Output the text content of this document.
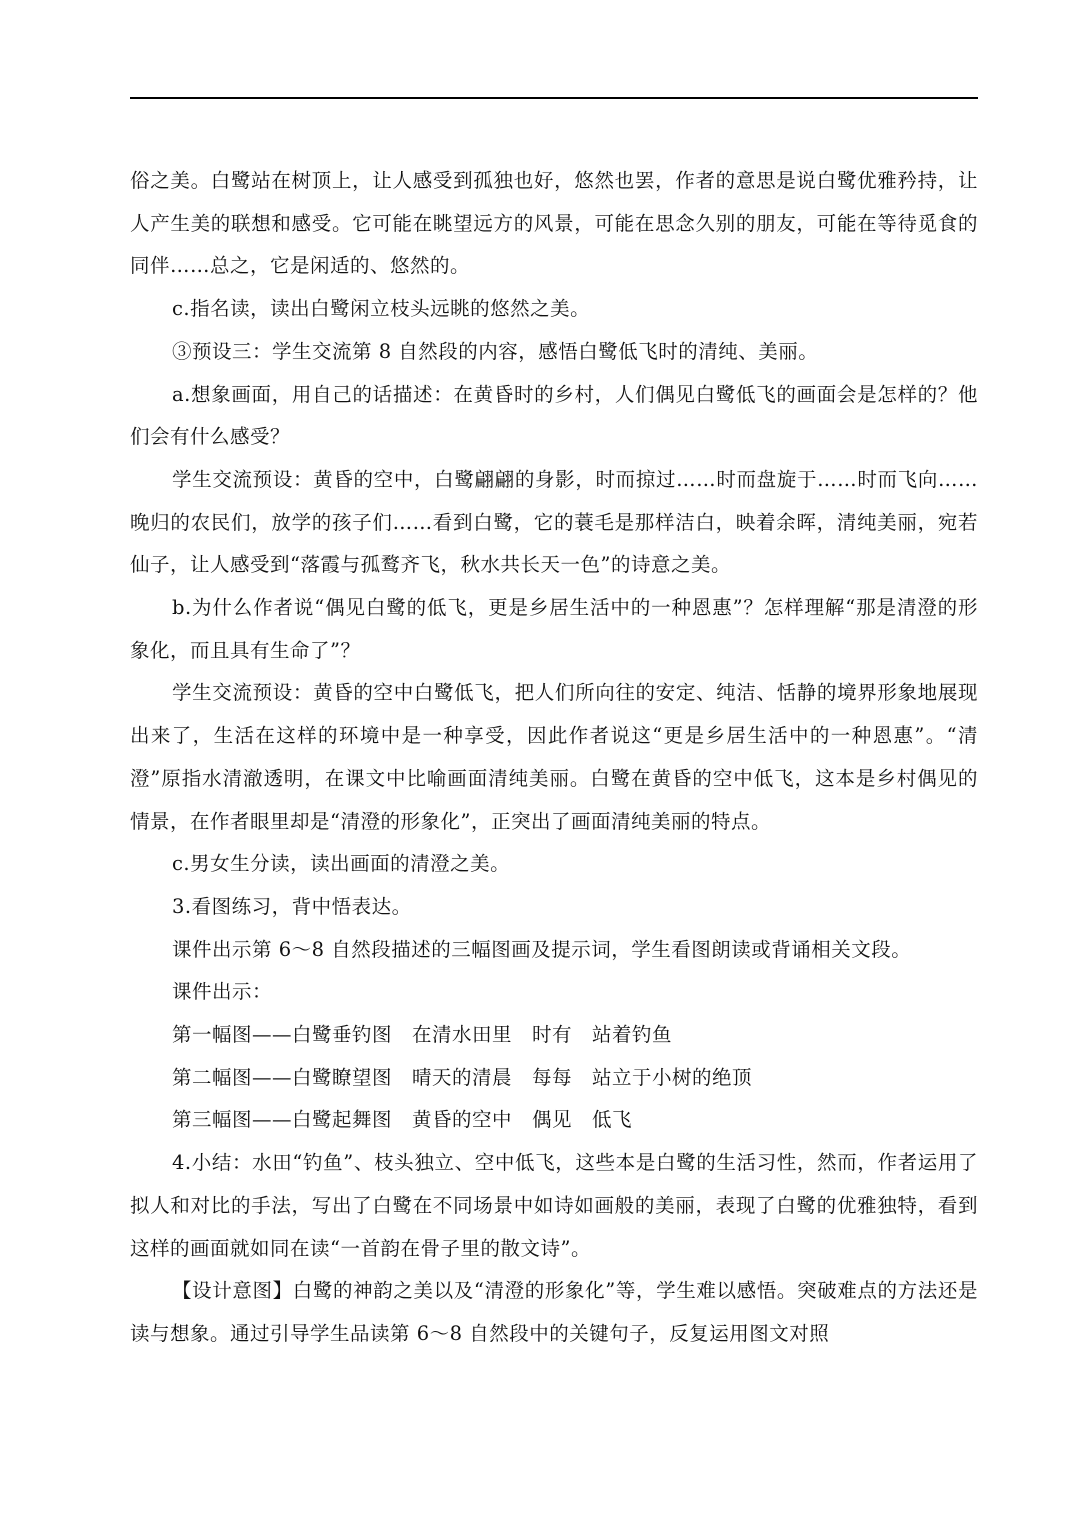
俗之美。白鹭站在树顶上，让人感受到孤独也好，悠然也罢，作者的意思是说白鹭优雅矜持，让人产生美的联想和感受。它可能在眺望远方的风景，可能在思念久别的朋友，可能在等待觅食的同伴……总之，它是闲适的、悠然的。

c.指名读，读出白鹭闲立枝头远眺的悠然之美。

③预设三：学生交流第 8 自然段的内容，感悟白鹭低飞时的清纯、美丽。

a.想象画面，用自己的话描述：在黄昏时的乡村，人们偶见白鹭低飞的画面会是怎样的？他们会有什么感受？

学生交流预设：黄昏的空中，白鹭翩翩的身影，时而掠过……时而盘旋于……时而飞向……晚归的农民们，放学的孩子们……看到白鹭，它的蓑毛是那样洁白，映着余晖，清纯美丽，宛若仙子，让人感受到“落霞与孤鹜齐飞，秋水共长天一色”的诗意之美。

b.为什么作者说“偶见白鹭的低飞，更是乡居生活中的一种恩惠”？怎样理解“那是清澄的形象化，而且具有生命了”？

学生交流预设：黄昏的空中白鹭低飞，把人们所向往的安定、纯洁、恬静的境界形象地展现出来了，生活在这样的环境中是一种享受，因此作者说这“更是乡居生活中的一种恩惠”。“清澄”原指水清澈透明，在课文中比喻画面清纯美丽。白鹭在黄昏的空中低飞，这本是乡村偶见的情景，在作者眼里却是“清澄的形象化”，正突出了画面清纯美丽的特点。

c.男女生分读，读出画面的清澄之美。

3.看图练习，背中悟表达。

课件出示第 6～8 自然段描述的三幅图画及提示词，学生看图朗读或背诵相关文段。

课件出示：

第一幅图——白鹭垂钓图　在清水田里　时有　站着钓鱼

第二幅图——白鹭瞭望图　晴天的清晨　每每　站立于小树的绝顶

第三幅图——白鹭起舞图　黄昏的空中　偶见　低飞

4.小结：水田“钓鱼”、枝头独立、空中低飞，这些本是白鹭的生活习性，然而，作者运用了拟人和对比的手法，写出了白鹭在不同场景中如诗如画般的美丽，表现了白鹭的优雅独特，看到这样的画面就如同在读“一首韵在骨子里的散文诗”。

【设计意图】白鹭的神韵之美以及“清澄的形象化”等，学生难以感悟。突破难点的方法还是读与想象。通过引导学生品读第 6～8 自然段中的关键句子，反复运用图文对照
